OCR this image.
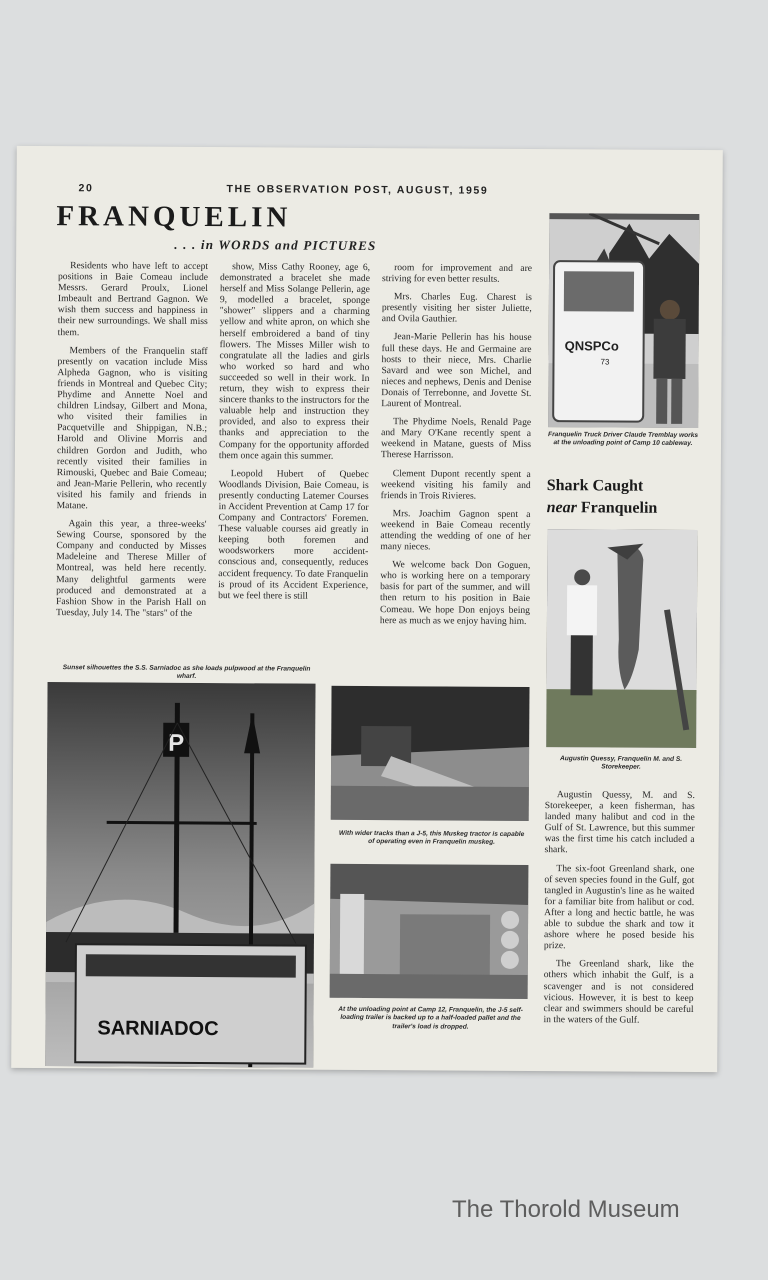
20	THE OBSERVATION POST, AUGUST, 1959
FRANQUELIN
. . . in WORDS and PICTURES

Residents who have left to accept positions in Baie Comeau include Messrs. Gerard Proulx, Lionel Imbeault and Bertrand Gagnon. We wish them success and happiness in their new surroundings. We shall miss them.

Members of the Franquelin staff presently on vacation include Miss Alpheda Gagnon, who is visiting friends in Montreal and Quebec City; Phydime and Annette Noel and children Lindsay, Gilbert and Mona, who visited their families in Pacquetville and Shippigan, N.B.; Harold and Olivine Morris and children Gordon and Judith, who recently visited their families in Rimouski, Quebec and Baie Comeau; and Jean-Marie Pellerin, who recently visited his family and friends in Matane.

Again this year, a three-weeks' Sewing Course, sponsored by the Company and conducted by Misses Madeleine and Therese Miller of Montreal, was held here recently. Many delightful garments were produced and demonstrated at a Fashion Show in the Parish Hall on Tuesday, July 14. The "stars" of the

show, Miss Cathy Rooney, age 6, demonstrated a bracelet she made herself and Miss Solange Pellerin, age 9, modelled a bracelet, sponge "shower" slippers and a charming yellow and white apron, on which she herself embroidered a band of tiny flowers. The Misses Miller wish to congratulate all the ladies and girls who worked so hard and who succeeded so well in their work. In return, they wish to express their sincere thanks to the instructors for the valuable help and instruction they provided, and also to express their thanks and appreciation to the Company for the opportunity afforded them once again this summer.

Leopold Hubert of Quebec Woodlands Division, Baie Comeau, is presently conducting Latemer Courses in Accident Prevention at Camp 17 for Company and Contractors' Foremen. These valuable courses aid greatly in keeping both foremen and woodsworkers more accident-conscious and, consequently, reduces accident frequency. To date Franquelin is proud of its Accident Experience, but we feel there is still

room for improvement and are striving for even better results.

Mrs. Charles Eug. Charest is presently visiting her sister Juliette, and Ovila Gauthier.

Jean-Marie Pellerin has his house full these days. He and Germaine are hosts to their niece, Mrs. Charlie Savard and wee son Michel, and nieces and nephews, Denis and Denise Donais of Terrebonne, and Jovette St. Laurent of Montreal.

The Phydime Noels, Renald Page and Mary O'Kane recently spent a weekend in Matane, guests of Miss Therese Harrisson.

Clement Dupont recently spent a weekend visiting his family and friends in Trois Rivieres.

Mrs. Joachim Gagnon spent a weekend in Baie Comeau recently attending the wedding of one of her many nieces.

We welcome back Don Goguen, who is working here on a temporary basis for part of the summer, and will then return to his position in Baie Comeau. We hope Don enjoys being here as much as we enjoy having him.

QNSPCo
73
Franquelin Truck Driver Claude Tremblay works at the unloading point of Camp 10 cableway.
Shark Caught
near Franquelin
Augustin Quessy, Franquelin M. and S. Storekeeper.

Augustin Quessy, M. and S. Storekeeper, a keen fisherman, has landed many halibut and cod in the Gulf of St. Lawrence, but this summer was the first time his catch included a shark.

The six-foot Greenland shark, one of seven species found in the Gulf, got tangled in Augustin's line as he waited for a familiar bite from halibut or cod. After a long and hectic battle, he was able to subdue the shark and tow it ashore where he posed beside his prize.

The Greenland shark, like the others which inhabit the Gulf, is a scavenger and is not considered vicious. However, it is best to keep clear and swimmers should be careful in the waters of the Gulf.

Sunset silhouettes the S.S. Sarniadoc as she loads pulpwood at the Franquelin wharf.
P
SARNIADOC
With wider tracks than a J-5, this Muskeg tractor is capable of operating even in Franquelin muskeg.
At the unloading point at Camp 12, Franquelin, the J-5 self-loading trailer is backed up to a half-loaded pallet and the trailer's load is dropped.
The Thorold Museum
